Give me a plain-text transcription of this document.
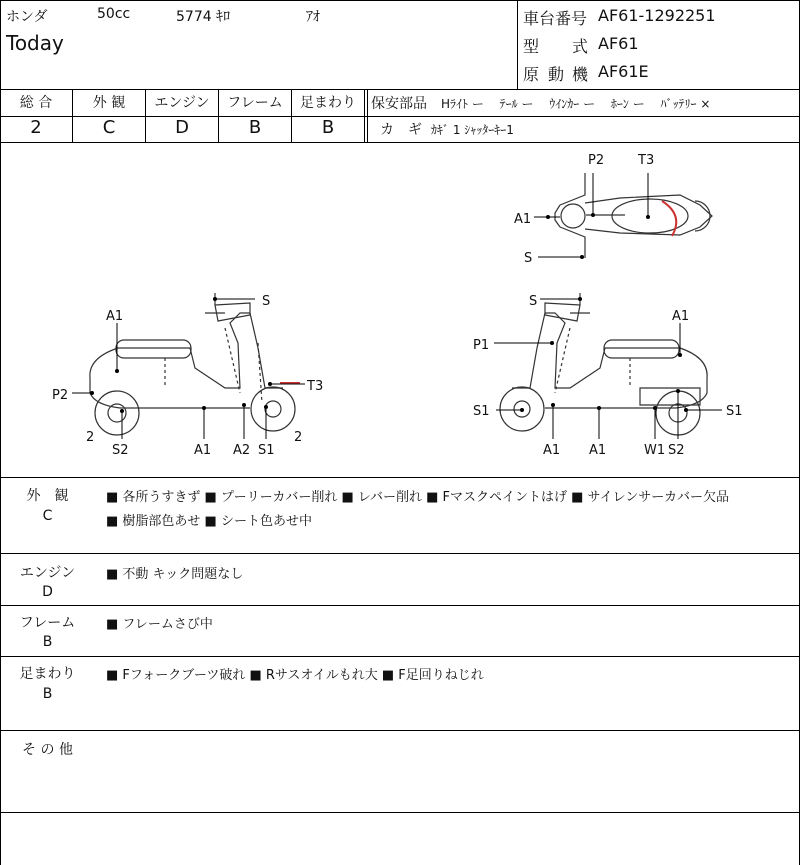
ホンダ	50cc	5774 ｷﾛ	ｱｵ
Today
車台番号 AF61-1292251
型 式 AF61
原 動 機 AF61E
総 合	外 観	エンジン	フレーム	足まわり
2	C	D	B	B
保安部品 Hﾗｲﾄ ー　 ﾃｰﾙ ー　 ｳｲﾝｶｰ ー　 ﾎｰﾝ ー　 ﾊﾞｯﾃﾘｰ ×
カ　ギ ｶｷﾞ 1 ｼｬｯﾀｰｷｰ1
P2	T3
A1
S
S
A1
P2
T3
2
S2	A1 A2 S1
2
S
A1
P1
S1	S1
A1 A1	W1 S2
外　観
C
■ 各所うすきず ■ プーリーカバー削れ ■ レバー削れ ■ Fマスクペイントはげ ■ サイレンサーカバー欠品
■ 樹脂部色あせ ■ シート色あせ中
エンジン
D
■ 不動 キック問題なし
フレーム
B
■ フレームさび中
足まわり
B
■ Fフォークブーツ破れ ■ Rサスオイルもれ大 ■ F足回りねじれ
そ の 他
